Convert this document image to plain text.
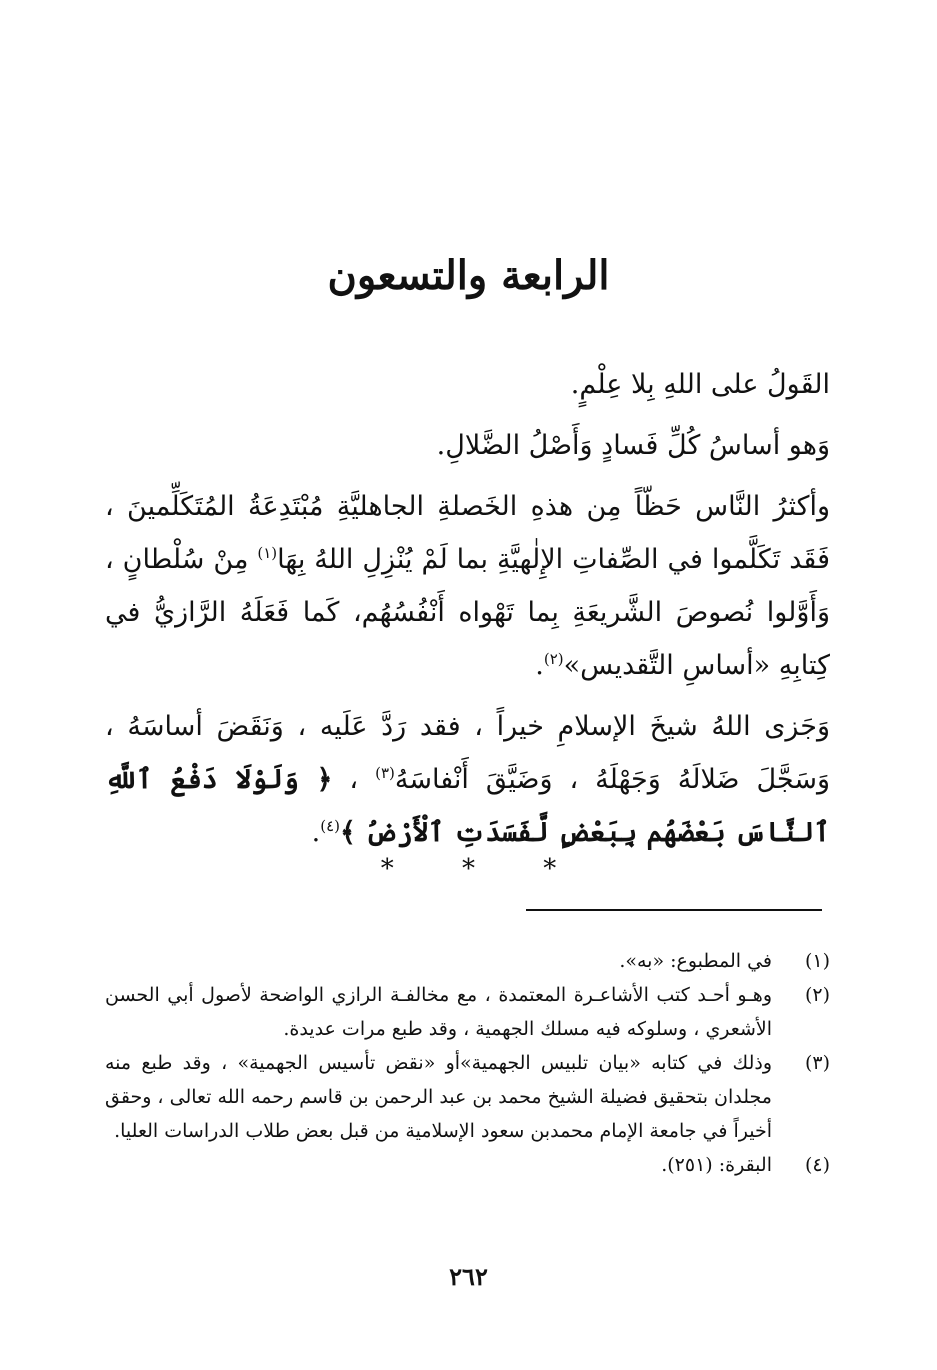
الرابعة والتسعون

القَولُ على اللهِ بِلا عِلْمٍ.

وَهو أساسُ كُلِّ فَسادٍ وَأَصْلُ الضَّلالِ.

وأكثرُ النَّاس حَظّاً مِن هذهِ الخَصلةِ الجاهليَّةِ مُبْتَدِعَةُ المُتَكَلِّمينَ ، فَقَد تَكَلَّموا في الصِّفاتِ الإِلٰهيَّةِ بما لَمْ يُنْزِلِ اللهُ بِهَا$^{(١)}$ مِنْ سُلْطانٍ ، وَأَوَّلوا نُصوصَ الشَّريعَةِ بِما تَهْواه أَنْفُسُهُم، كَما فَعَلَهُ الرَّازيُّ في كِتابِهِ «أساسِ التَّقديس»$^{(٢)}$.

وَجَزى اللهُ شيخَ الإسلامِ خيراً ، فقد رَدَّ عَلَيه ، وَنَقَضَ أساسَهُ ، وَسَجَّلَ ضَلالَهُ وَجَهْلَهُ ، وَضَيَّقَ أَنْفاسَهُ$^{(٣)}$ ، ﴿ وَلَوْلَا دَفْعُ ٱللَّهِ ٱلنَّاسَ بَعْضَهُم بِبَعْضٍ لَّفَسَدَتِ ٱلْأَرْضُ ﴾$^{(٤)}$.

* * *
(١)
في المطبوع: «به».
(٢)
وهـو أحـد كتب الأشاعـرة المعتمدة ، مع مخالفـة الرازي الواضحة لأصول أبي الحسن الأشعري ، وسلوكه فيه مسلك الجهمية ، وقد طبع مرات عديدة.
(٣)
وذلك في كتابه «بيان تلبيس الجهمية»أو «نقض تأسيس الجهمية» ، وقد طبع منه مجلدان بتحقيق فضيلة الشيخ محمد بن عبد الرحمن بن قاسم رحمه الله تعالى ، وحقق أخيراً في جامعة الإمام محمدبن سعود الإسلامية من قبل بعض طلاب الدراسات العليا.
(٤)
البقرة: (٢٥١).
٢٦٢
